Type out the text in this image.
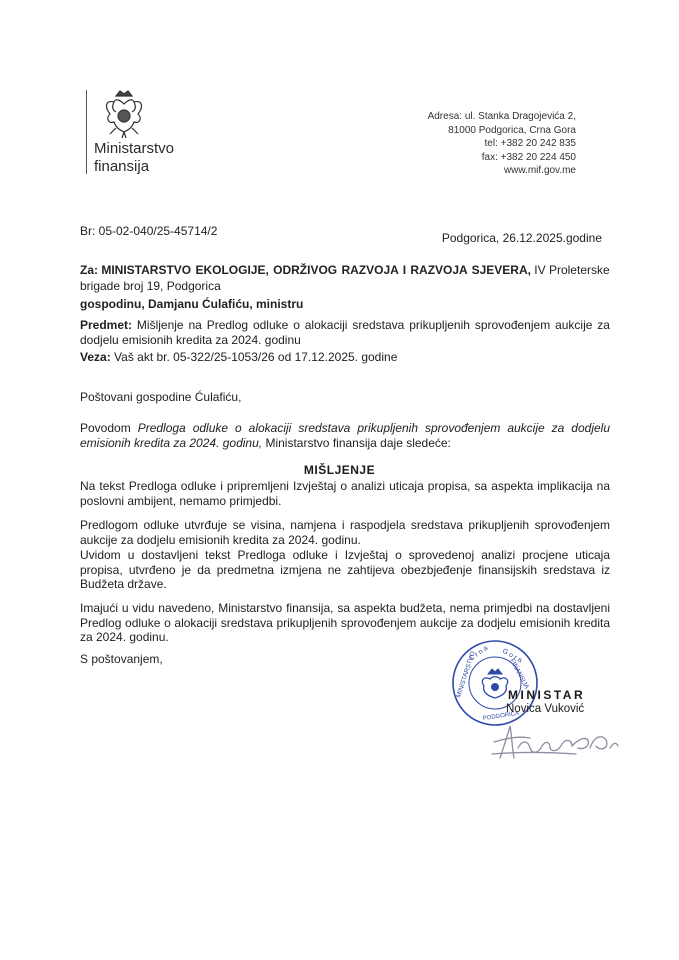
Ministarstvo
finansija
Adresa: ul. Stanka Dragojevića 2,
81000 Podgorica, Crna Gora
tel: +382 20 242 835
fax: +382 20 224 450
www.mif.gov.me
Br: 05-02-040/25-45714/2	Podgorica, 26.12.2025.godine
Za: MINISTARSTVO EKOLOGIJE, ODRŽIVOG RAZVOJA I RAZVOJA SJEVERA, IV Proleterske brigade broj 19, Podgorica
gospodinu, Damjanu Ćulafiću, ministru
Predmet: Mišljenje na Predlog odluke o alokaciji sredstava prikupljenih sprovođenjem aukcije za dodjelu emisionih kredita za 2024. godinu
Veza: Vaš akt br. 05-322/25-1053/26 od 17.12.2025. godine
Poštovani gospodine Ćulafiću,
Povodom Predloga odluke o alokaciji sredstava prikupljenih sprovođenjem aukcije za dodjelu emisionih kredita za 2024. godinu, Ministarstvo finansija daje sledeće:
MIŠLJENJE
Na tekst Predloga odluke i pripremljeni Izvještaj o analizi uticaja propisa, sa aspekta implikacija na poslovni ambijent, nemamo primjedbi.
Predlogom odluke utvrđuje se visina, namjena i raspodjela sredstava prikupljenih sprovođenjem aukcije za dodjelu emisionih kredita za 2024. godinu.
Uvidom u dostavljeni tekst Predloga odluke i Izvještaj o sprovedenoj analizi procjene uticaja propisa, utvrđeno je da predmetna izmjena ne zahtijeva obezbjeđenje finansijskih sredstava iz Budžeta države.
Imajući u vidu navedeno, Ministarstvo finansija, sa aspekta budžeta, nema primjedbi na dostavljeni Predlog odluke o alokaciji sredstava prikupljenih sprovođenjem aukcije za dodjelu emisionih kredita za 2024. godinu.
S poštovanjem,	C r n a G o r a
MINISTARSTVO	FINANSIJA
PODGORICA
MINISTAR
Novica Vuković
